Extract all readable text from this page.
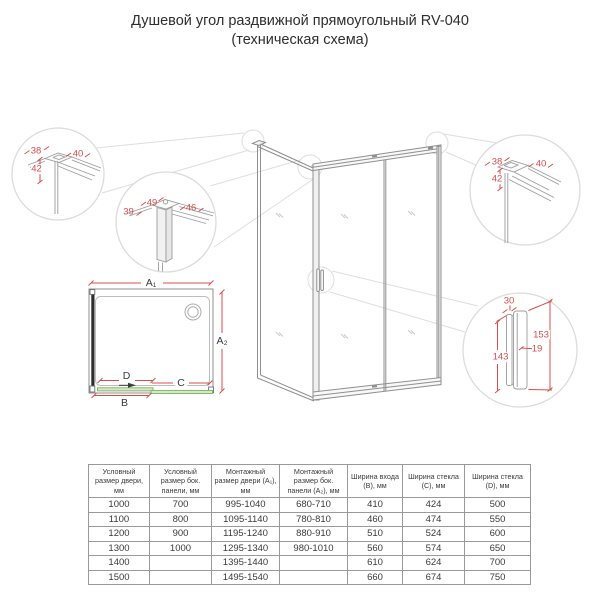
Душевой угол раздвижной прямоугольный RV-040
(техническая схема)
A₁
A₂
B
C
D
38	40
42
49	46
39
38	40
42
30
153
19
143
Условный размер двери, мм	Условный размер бок. панели, мм	Монтажный размер двери (A₁), мм	Монтажный размер бок. панели (A₂), мм	Ширина входа (B), мм	Ширина стекла (C), мм	Ширина стекла (D), мм
1000	700	995-1040	680-710	410	424	500
1100	800	1095-1140	780-810	460	474	550
1200	900	1195-1240	880-910	510	524	600
1300	1000	1295-1340	980-1010	560	574	650
1400		1395-1440		610	624	700
1500		1495-1540		660	674	750
